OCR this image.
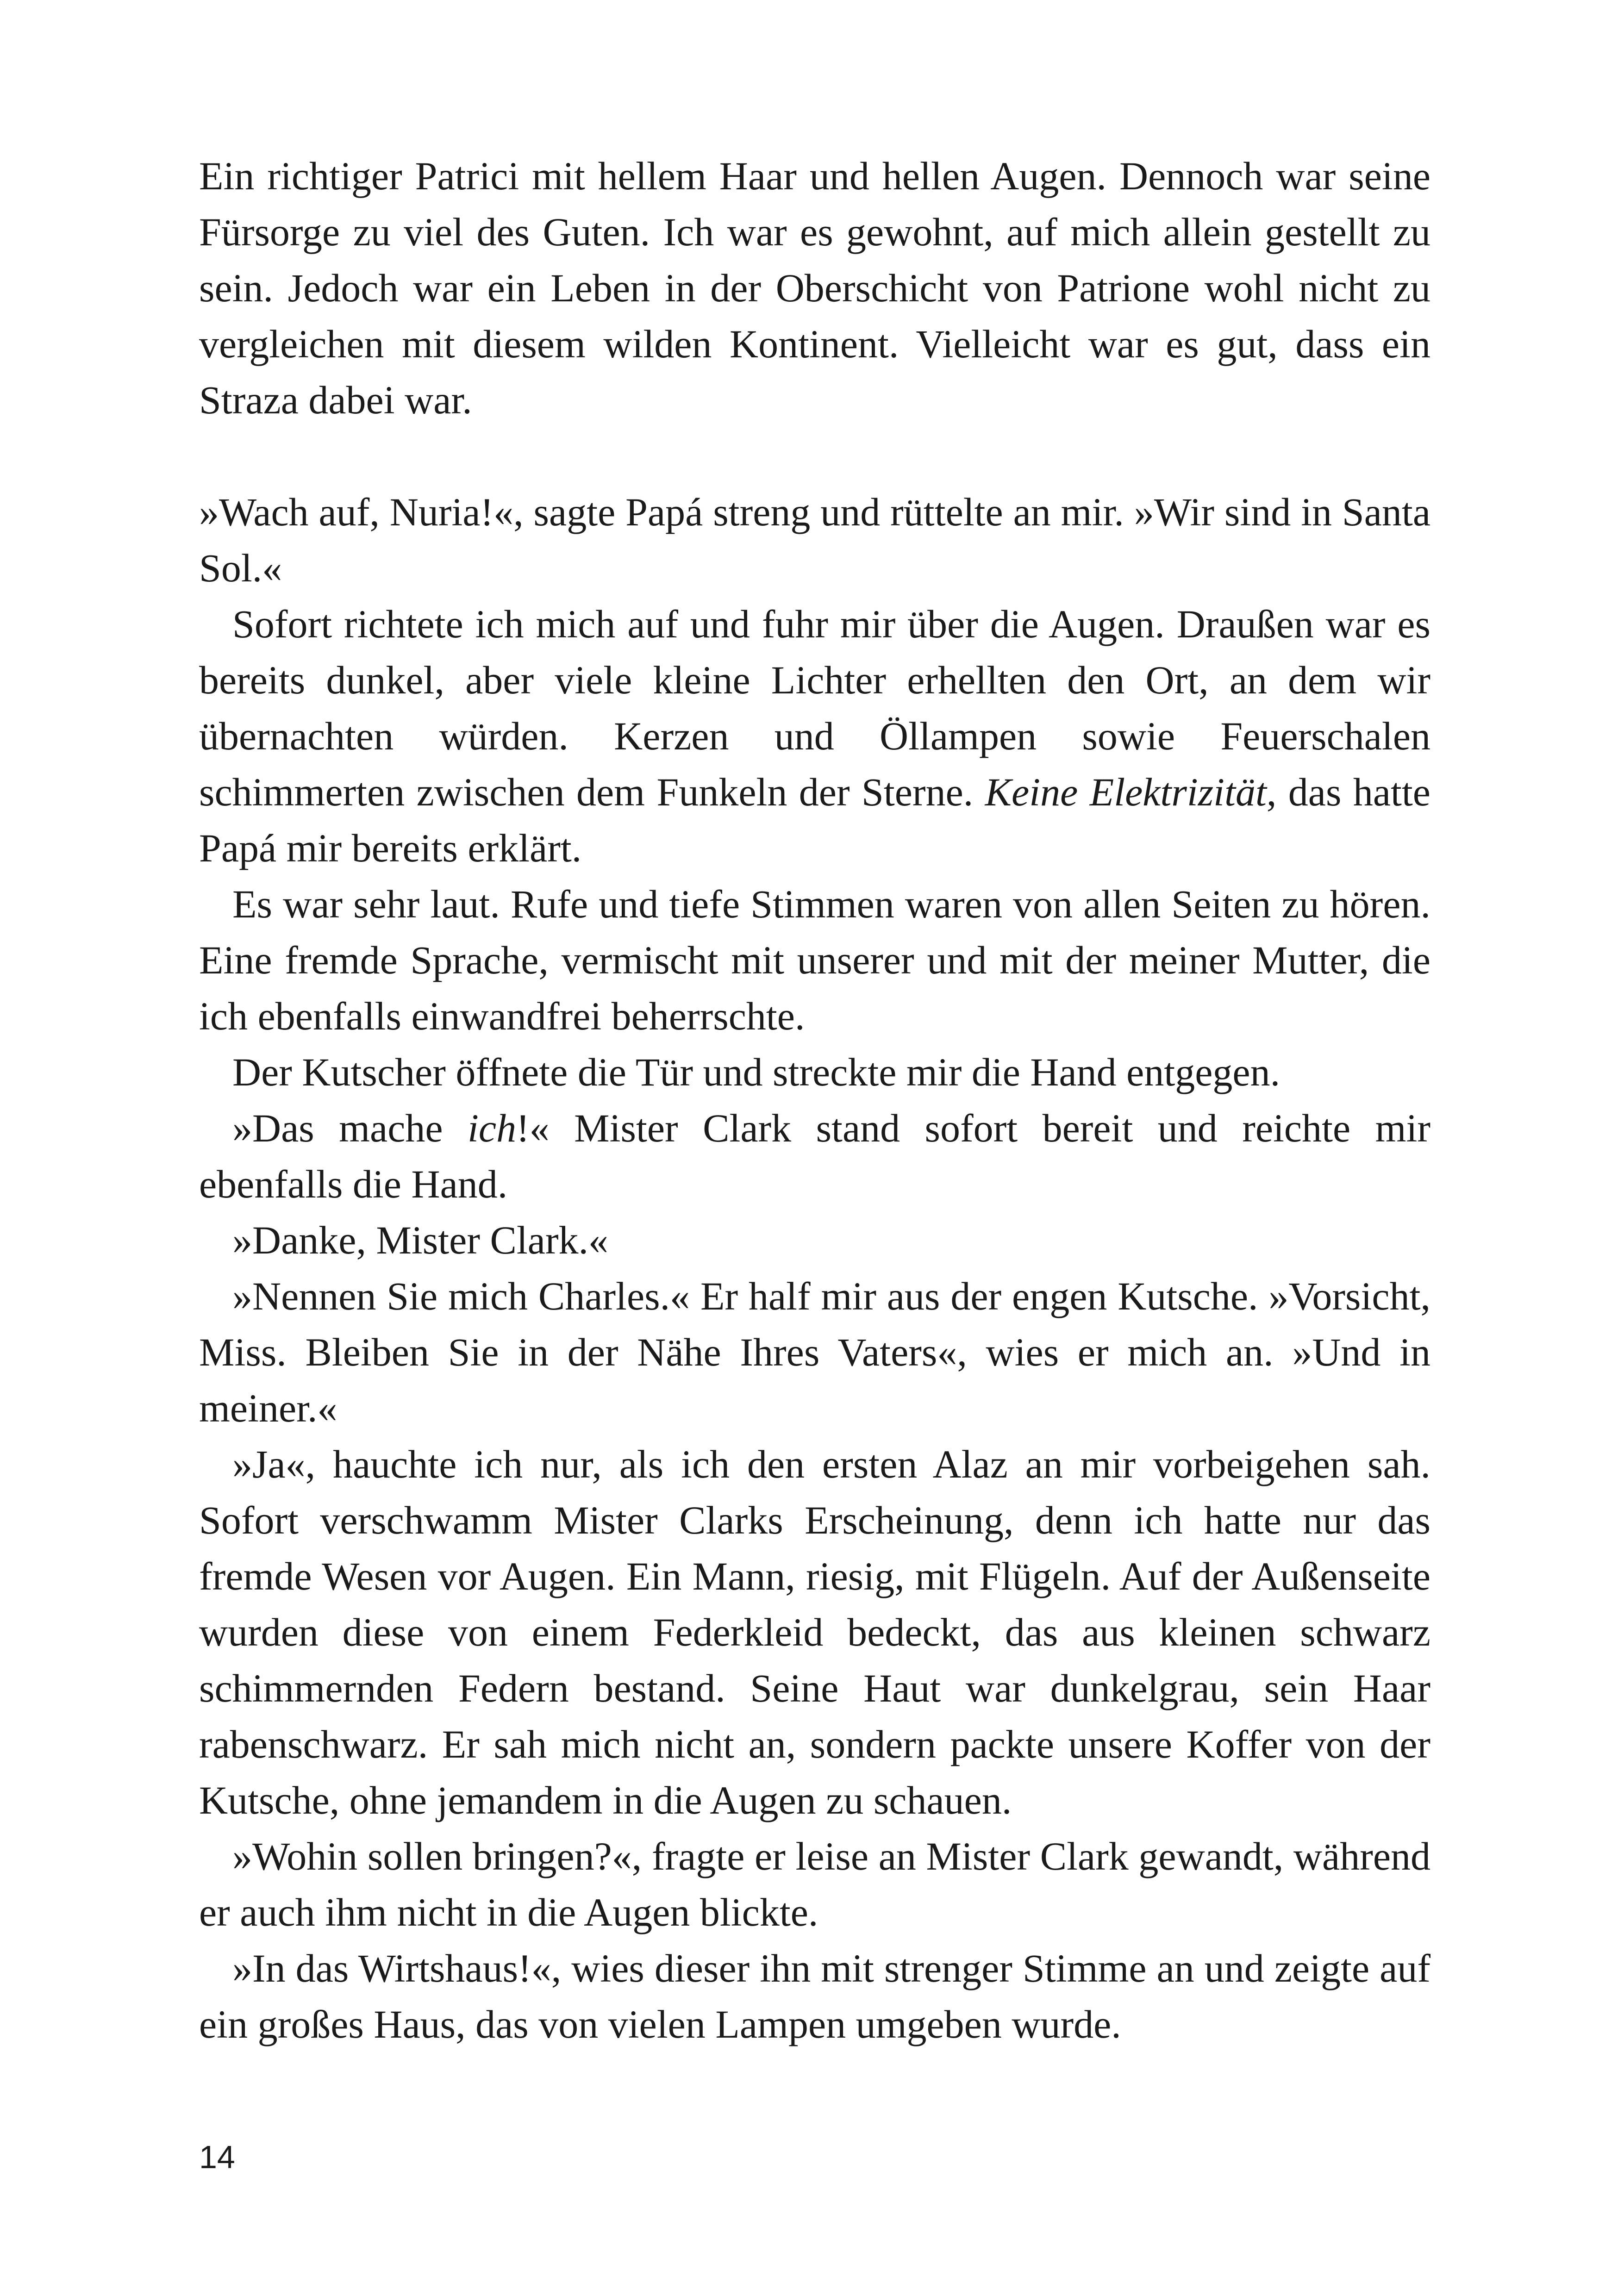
Ein richtiger Patrici mit hellem Haar und hellen Augen. Dennoch war seine Fürsorge zu viel des Guten. Ich war es gewohnt, auf mich allein gestellt zu sein. Jedoch war ein Leben in der Oberschicht von Patrione wohl nicht zu vergleichen mit diesem wilden Kontinent. Vielleicht war es gut, dass ein Straza dabei war.

»Wach auf, Nuria!«, sagte Papá streng und rüttelte an mir. »Wir sind in Santa Sol.«

Sofort richtete ich mich auf und fuhr mir über die Augen. Draußen war es bereits dunkel, aber viele kleine Lichter erhellten den Ort, an dem wir übernachten würden. Kerzen und Öllampen sowie Feuerschalen schimmerten zwischen dem Funkeln der Sterne. Keine Elektrizität, das hatte Papá mir bereits erklärt.

Es war sehr laut. Rufe und tiefe Stimmen waren von allen Seiten zu hören. Eine fremde Sprache, vermischt mit unserer und mit der meiner Mutter, die ich ebenfalls einwandfrei beherrschte.

Der Kutscher öffnete die Tür und streckte mir die Hand entgegen.

»Das mache ich!« Mister Clark stand sofort bereit und reichte mir ebenfalls die Hand.

»Danke, Mister Clark.«

»Nennen Sie mich Charles.« Er half mir aus der engen Kutsche. »Vorsicht, Miss. Bleiben Sie in der Nähe Ihres Vaters«, wies er mich an. »Und in meiner.«

»Ja«, hauchte ich nur, als ich den ersten Alaz an mir vorbeigehen sah. Sofort verschwamm Mister Clarks Erscheinung, denn ich hatte nur das fremde Wesen vor Augen. Ein Mann, riesig, mit Flügeln. Auf der Außenseite wurden diese von einem Federkleid bedeckt, das aus kleinen schwarz schimmernden Federn bestand. Seine Haut war dunkelgrau, sein Haar rabenschwarz. Er sah mich nicht an, sondern packte unsere Koffer von der Kutsche, ohne jemandem in die Augen zu schauen.

»Wohin sollen bringen?«, fragte er leise an Mister Clark gewandt, während er auch ihm nicht in die Augen blickte.

»In das Wirtshaus!«, wies dieser ihn mit strenger Stimme an und zeigte auf ein großes Haus, das von vielen Lampen umgeben wurde.

14
